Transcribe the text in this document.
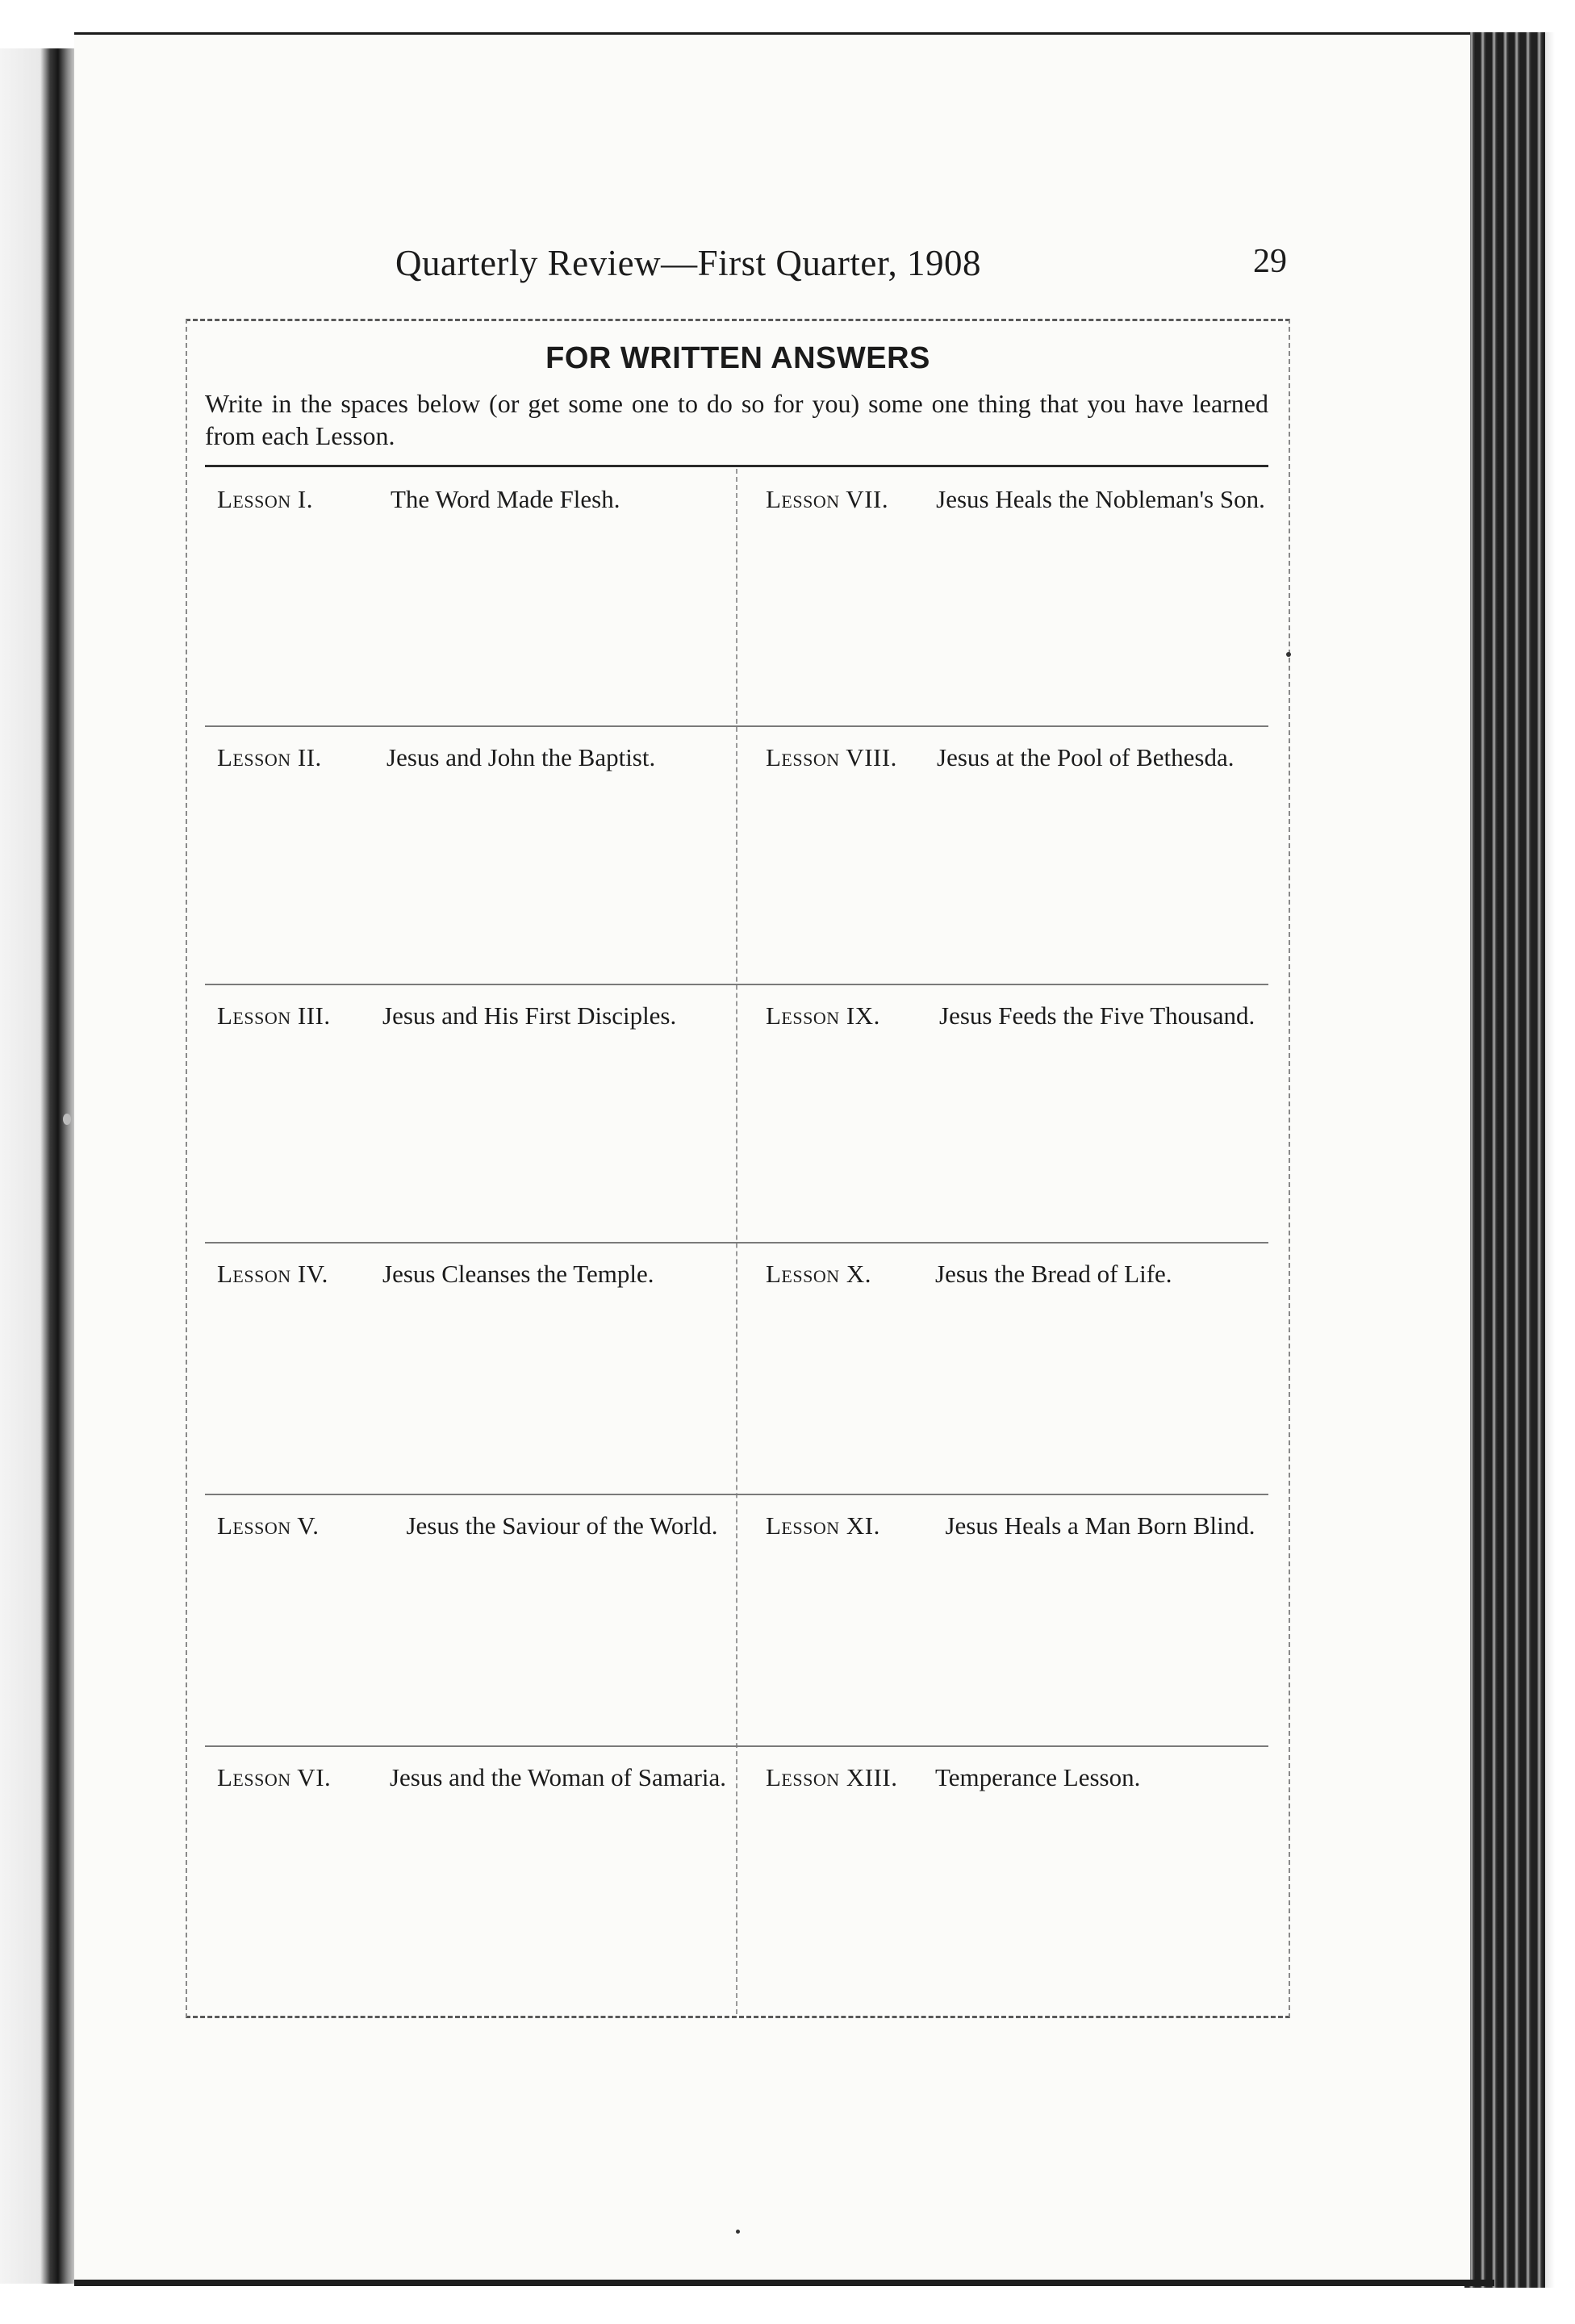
Quarterly Review—First Quarter, 1908	29
FOR WRITTEN ANSWERS
Write in the spaces below (or get some one to do so for you) some one thing that you have learned from each Lesson.
Lesson I.	The Word Made Flesh.	Lesson VII. Jesus Heals the Nobleman's Son.
Lesson II.	Jesus and John the Baptist.	Lesson VIII. Jesus at the Pool of Bethesda.
Lesson III. Jesus and His First Disciples.	Lesson IX. Jesus Feeds the Five Thousand.
Lesson IV. Jesus Cleanses the Temple.	Lesson X.	Jesus the Bread of Life.
Lesson V.	Jesus the Saviour of the World.	Lesson XI.	Jesus Heals a Man Born Blind.
Lesson VI. Jesus and the Woman of Samaria. Lesson XIII. Temperance Lesson.
